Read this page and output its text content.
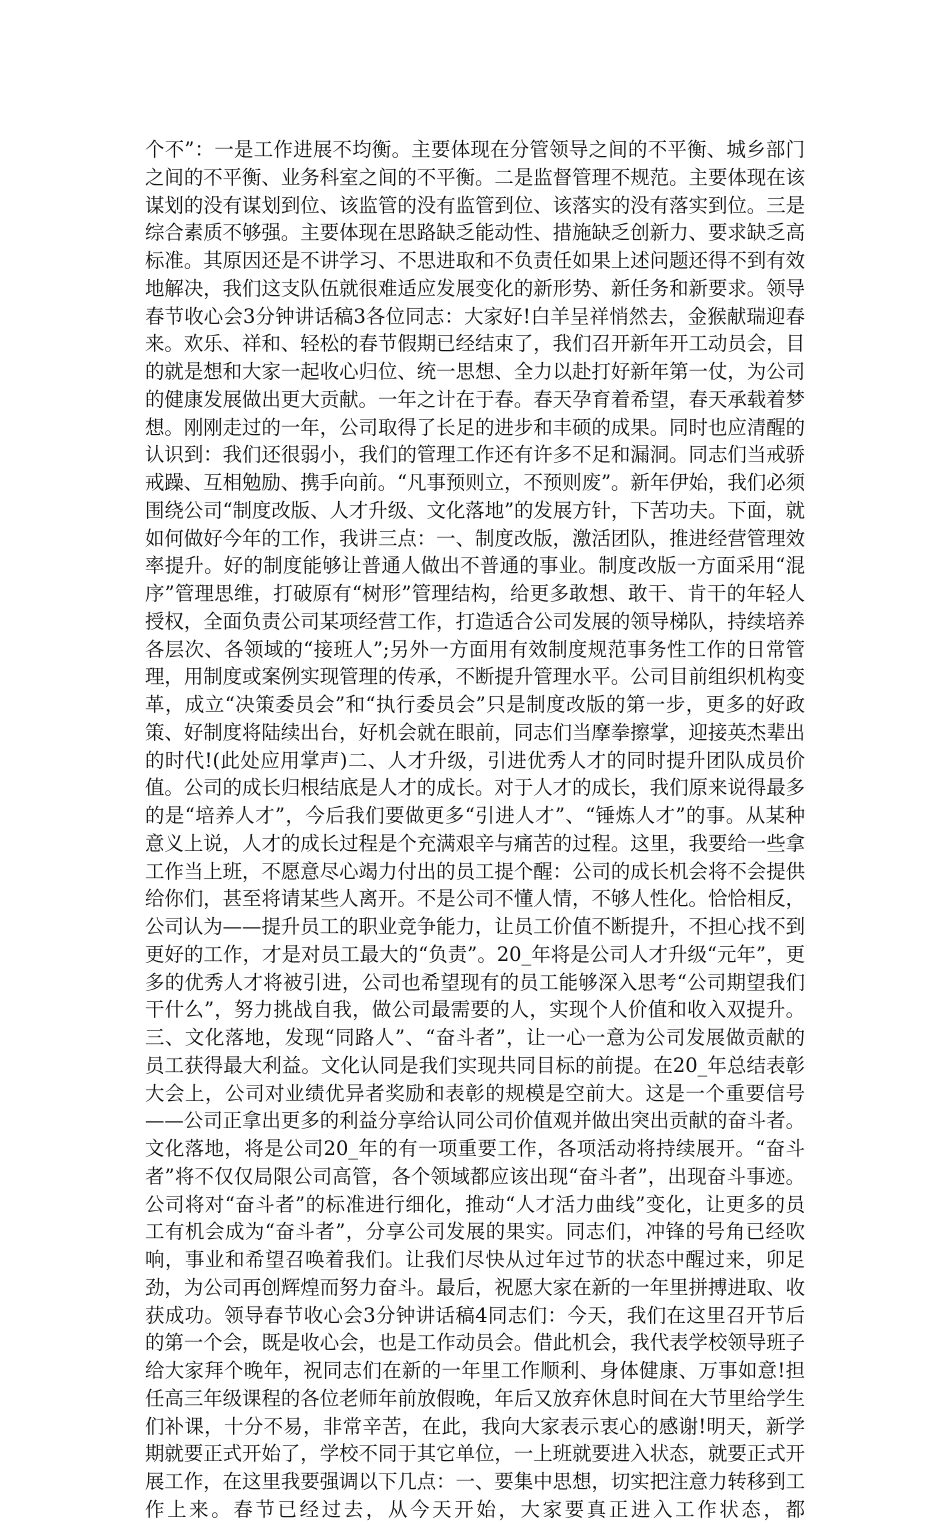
个不”：一是工作进展不均衡。主要体现在分管领导之间的不平衡、城乡部门之间的不平衡、业务科室之间的不平衡。二是监督管理不规范。主要体现在该谋划的没有谋划到位、该监管的没有监管到位、该落实的没有落实到位。三是综合素质不够强。主要体现在思路缺乏能动性、措施缺乏创新力、要求缺乏高标准。其原因还是不讲学习、不思进取和不负责任如果上述问题还得不到有效地解决，我们这支队伍就很难适应发展变化的新形势、新任务和新要求。领导春节收心会3分钟讲话稿3各位同志：大家好!白羊呈祥悄然去，金猴献瑞迎春来。欢乐、祥和、轻松的春节假期已经结束了，我们召开新年开工动员会，目的就是想和大家一起收心归位、统一思想、全力以赴打好新年第一仗，为公司的健康发展做出更大贡献。一年之计在于春。春天孕育着希望，春天承载着梦想。刚刚走过的一年，公司取得了长足的进步和丰硕的成果。同时也应清醒的认识到：我们还很弱小，我们的管理工作还有许多不足和漏洞。同志们当戒骄戒躁、互相勉励、携手向前。“凡事预则立，不预则废”。新年伊始，我们必须围绕公司“制度改版、人才升级、文化落地”的发展方针，下苦功夫。下面，就如何做好今年的工作，我讲三点：一、制度改版，激活团队，推进经营管理效率提升。好的制度能够让普通人做出不普通的事业。制度改版一方面采用“混序”管理思维，打破原有“树形”管理结构，给更多敢想、敢干、肯干的年轻人授权，全面负责公司某项经营工作，打造适合公司发展的领导梯队，持续培养各层次、各领域的“接班人”;另外一方面用有效制度规范事务性工作的日常管理，用制度或案例实现管理的传承，不断提升管理水平。公司目前组织机构变革，成立“决策委员会”和“执行委员会”只是制度改版的第一步，更多的好政策、好制度将陆续出台，好机会就在眼前，同志们当摩拳擦掌，迎接英杰辈出的时代!(此处应用掌声)二、人才升级，引进优秀人才的同时提升团队成员价值。公司的成长归根结底是人才的成长。对于人才的成长，我们原来说得最多的是“培养人才”，今后我们要做更多“引进人才”、“锤炼人才”的事。从某种意义上说，人才的成长过程是个充满艰辛与痛苦的过程。这里，我要给一些拿工作当上班，不愿意尽心竭力付出的员工提个醒：公司的成长机会将不会提供给你们，甚至将请某些人离开。不是公司不懂人情，不够人性化。恰恰相反，公司认为——提升员工的职业竞争能力，让员工价值不断提升，不担心找不到更好的工作，才是对员工最大的“负责”。20_年将是公司人才升级“元年”，更多的优秀人才将被引进，公司也希望现有的员工能够深入思考“公司期望我们干什么”，努力挑战自我，做公司最需要的人，实现个人价值和收入双提升。三、文化落地，发现“同路人”、“奋斗者”，让一心一意为公司发展做贡献的员工获得最大利益。文化认同是我们实现共同目标的前提。在20_年总结表彰大会上，公司对业绩优异者奖励和表彰的规模是空前大。这是一个重要信号——公司正拿出更多的利益分享给认同公司价值观并做出突出贡献的奋斗者。文化落地，将是公司20_年的有一项重要工作，各项活动将持续展开。“奋斗者”将不仅仅局限公司高管，各个领域都应该出现“奋斗者”，出现奋斗事迹。公司将对“奋斗者”的标准进行细化，推动“人才活力曲线”变化，让更多的员工有机会成为“奋斗者”，分享公司发展的果实。同志们，冲锋的号角已经吹响，事业和希望召唤着我们。让我们尽快从过年过节的状态中醒过来，卯足劲，为公司再创辉煌而努力奋斗。最后，祝愿大家在新的一年里拼搏进取、收获成功。领导春节收心会3分钟讲话稿4同志们：今天，我们在这里召开节后的第一个会，既是收心会，也是工作动员会。借此机会，我代表学校领导班子给大家拜个晚年，祝同志们在新的一年里工作顺利、身体健康、万事如意!担任高三年级课程的各位老师年前放假晚，年后又放弃休息时间在大节里给学生们补课，十分不易，非常辛苦，在此，我向大家表示衷心的感谢!明天，新学期就要正式开始了，学校不同于其它单位，一上班就要进入状态，就要正式开展工作，在这里我要强调以下几点：一、要集中思想，切实把注意力转移到工作上来。春节已经过去，从今天开始，大家要真正进入工作状态，都
